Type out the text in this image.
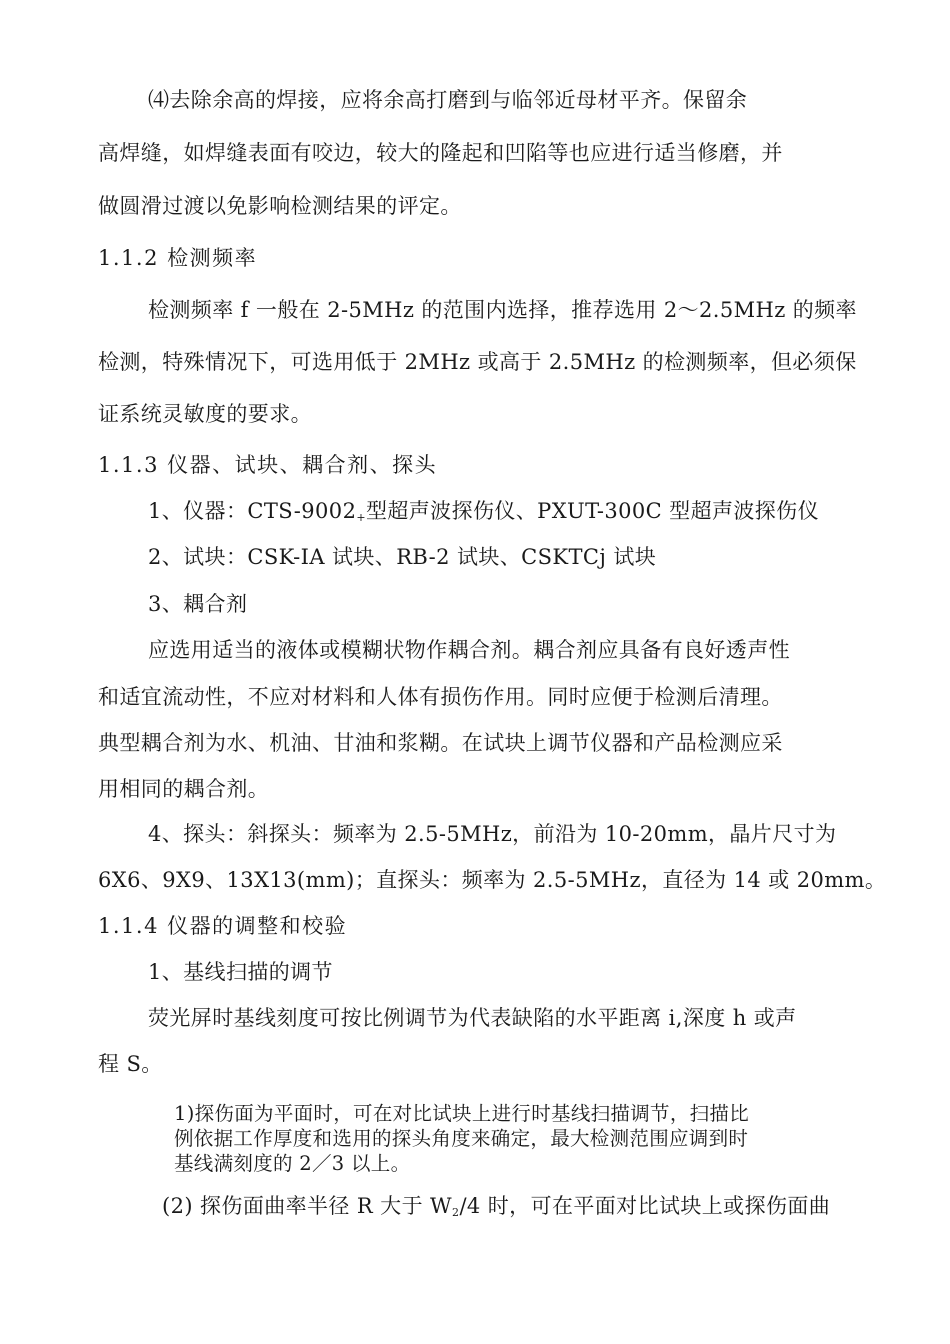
⑷去除余高的焊接，应将余高打磨到与临邻近母材平齐。保留余
高焊缝，如焊缝表面有咬边，较大的隆起和凹陷等也应进行适当修磨，并
做圆滑过渡以免影响检测结果的评定。
1.1.2 检测频率
检测频率 f 一般在 2-5MHz 的范围内选择，推荐选用 2〜2.5MHz 的频率
检测，特殊情况下，可选用低于 2MHz 或高于 2.5MHz 的检测频率，但必须保
证系统灵敏度的要求。
1.1.3 仪器、试块、耦合剂、探头
1、仪器：CTS-$9002_+$型超声波探伤仪、PXUT-300C 型超声波探伤仪
2、试块：CSK-IA 试块、RB-2 试块、CSKTCj 试块
3、耦合剂
应选用适当的液体或模糊状物作耦合剂。耦合剂应具备有良好透声性
和适宜流动性，不应对材料和人体有损伤作用。同时应便于检测后清理。
典型耦合剂为水、机油、甘油和浆糊。在试块上调节仪器和产品检测应采
用相同的耦合剂。
4、探头：斜探头：频率为 2.5-5MHz，前沿为 10-20mm，晶片尺寸为
6X6、9X9、13X13(mm)；直探头：频率为 2.5-5MHz，直径为 14 或 20mm。
1.1.4 仪器的调整和校验
1、基线扫描的调节
荧光屏时基线刻度可按比例调节为代表缺陷的水平距离 i,深度 h 或声
程 S。
1)探伤面为平面时，可在对比试块上进行时基线扫描调节，扫描比
例依据工作厚度和选用的探头角度来确定，最大检测范围应调到时
基线满刻度的 2／3 以上。
(2) 探伤面曲率半径 R 大于 $W_2/4$ 时，可在平面对比试块上或探伤面曲
